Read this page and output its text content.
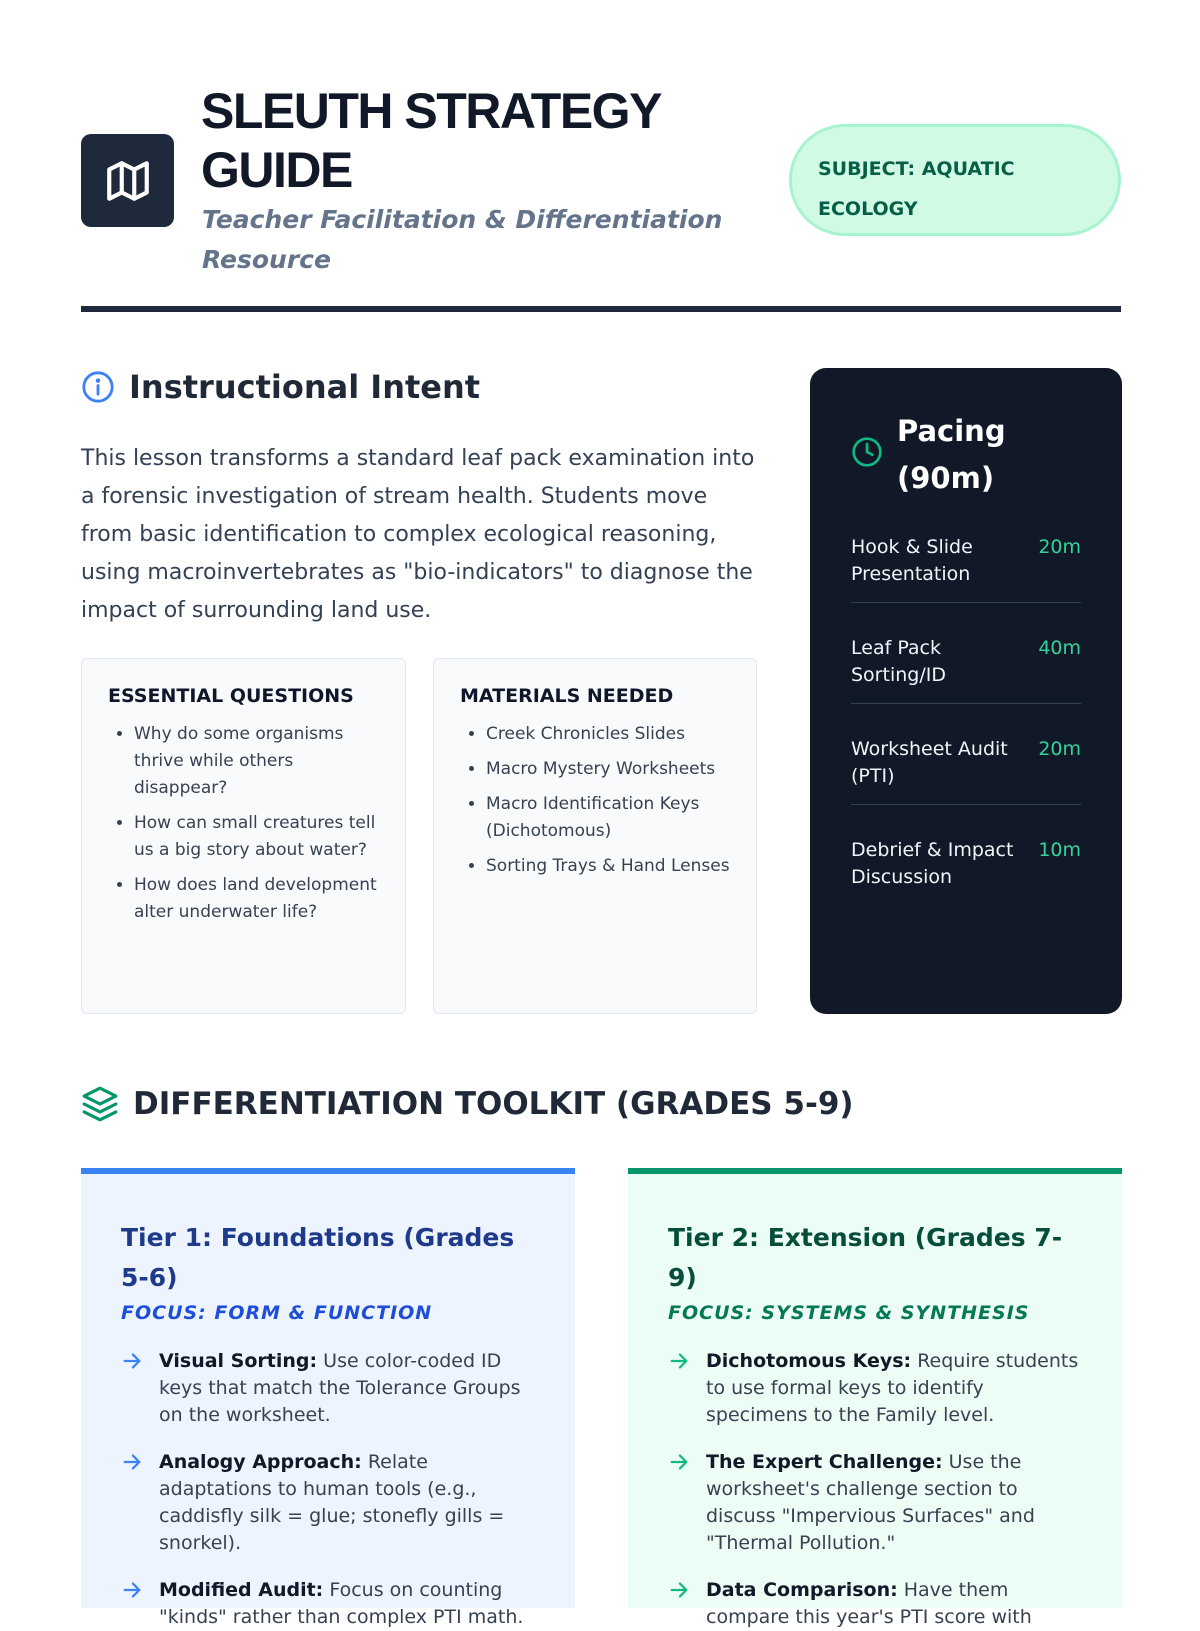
SLEUTH STRATEGY GUIDE
Teacher Facilitation & Differentiation Resource
SUBJECT: AQUATIC ECOLOGY
Instructional Intent

This lesson transforms a standard leaf pack examination into a forensic investigation of stream health. Students move from basic identification to complex ecological reasoning, using macroinvertebrates as "bio-indicators" to diagnose the impact of surrounding land use.

ESSENTIAL QUESTIONS
• Why do some organisms thrive while others disappear?
• How can small creatures tell us a big story about water?
• How does land development alter underwater life?
MATERIALS NEEDED
• Creek Chronicles Slides
• Macro Mystery Worksheets
• Macro Identification Keys (Dichotomous)
• Sorting Trays & Hand Lenses
Pacing (90m)
Hook & Slide Presentation
20m
Leaf Pack Sorting/ID
40m
Worksheet Audit (PTI)
20m
Debrief & Impact Discussion
10m
DIFFERENTIATION TOOLKIT (GRADES 5-9)
Tier 1: Foundations (Grades 5-6)
FOCUS: FORM & FUNCTION
Visual Sorting: Use color-coded ID keys that match the Tolerance Groups on the worksheet.
Analogy Approach: Relate adaptations to human tools (e.g., caddisfly silk = glue; stonefly gills = snorkel).
Modified Audit: Focus on counting "kinds" rather than complex PTI math.
Tier 2: Extension (Grades 7-9)
FOCUS: SYSTEMS & SYNTHESIS
Dichotomous Keys: Require students to use formal keys to identify specimens to the Family level.
The Expert Challenge: Use the worksheet's challenge section to discuss "Impervious Surfaces" and "Thermal Pollution."
Data Comparison: Have them compare this year's PTI score with
